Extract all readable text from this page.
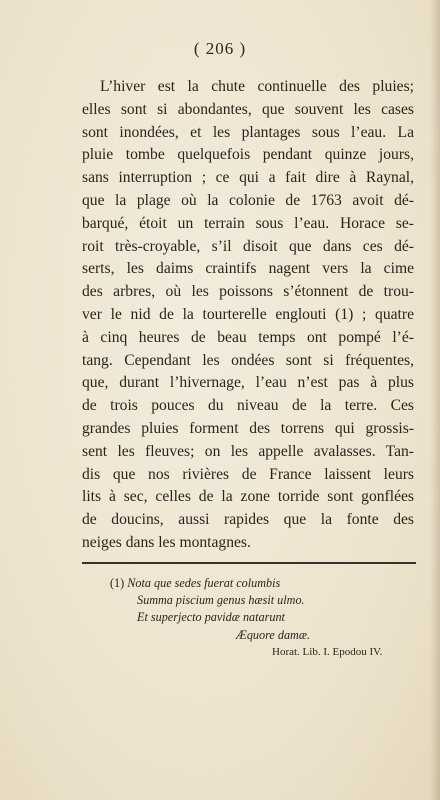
( 206 )
L’hiver est la chute continuelle des pluies;
elles sont si abondantes, que souvent les cases
sont inondées, et les plantages sous l’eau. La
pluie tombe quelquefois pendant quinze jours,
sans interruption ; ce qui a fait dire à Raynal,
que la plage où la colonie de 1763 avoit dé-
barqué, étoit un terrain sous l’eau. Horace se-
roit très-croyable, s’il disoit que dans ces dé-
serts, les daims craintifs nagent vers la cime
des arbres, où les poissons s’étonnent de trou-
ver le nid de la tourterelle englouti (1) ; quatre
à cinq heures de beau temps ont pompé l’é-
tang. Cependant les ondées sont si fréquentes,
que, durant l’hivernage, l’eau n’est pas à plus
de trois pouces du niveau de la terre. Ces
grandes pluies forment des torrens qui grossis-
sent les fleuves; on les appelle avalasses. Tan-
dis que nos rivières de France laissent leurs
lits à sec, celles de la zone torride sont gonflées
de doucins, aussi rapides que la fonte des
neiges dans les montagnes.
(1) Nota que sedes fuerat columbis
Summa piscium genus hæsit ulmo.
Et superjecto pavidæ natarunt
Æquore damæ.
Horat. Lib. I. Epodou IV.
